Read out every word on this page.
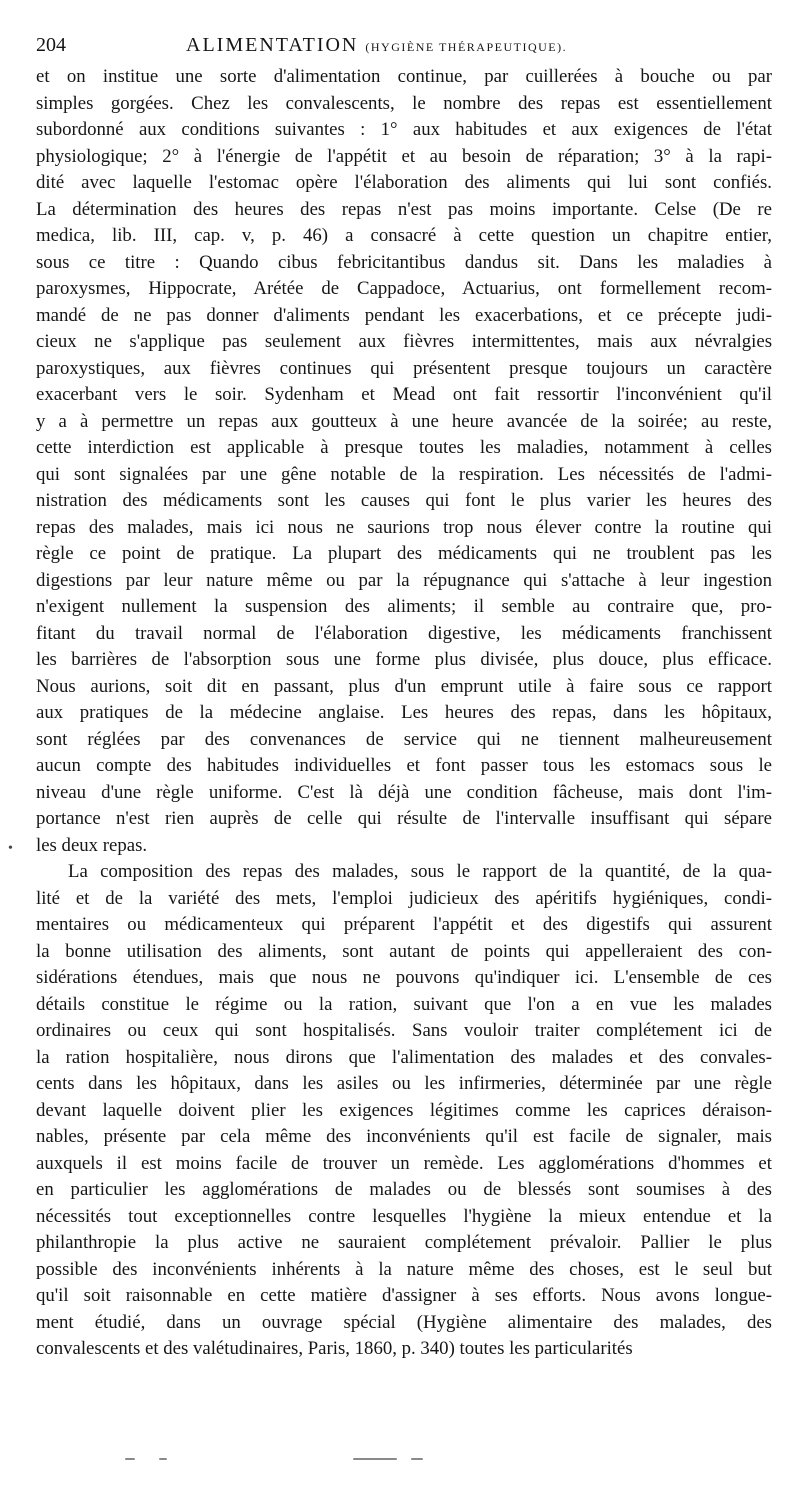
204	ALIMENTATION (HYGIÈNE THÉRAPEUTIQUE).
•
et on institue une sorte d'alimentation continue, par cuillerées à bouche ou par
simples gorgées. Chez les convalescents, le nombre des repas est essentiellement
subordonné aux conditions suivantes : 1° aux habitudes et aux exigences de l'état
physiologique; 2° à l'énergie de l'appétit et au besoin de réparation; 3° à la rapi-
dité avec laquelle l'estomac opère l'élaboration des aliments qui lui sont confiés.
La détermination des heures des repas n'est pas moins importante. Celse (De re
medica, lib. III, cap. v, p. 46) a consacré à cette question un chapitre entier,
sous ce titre : Quando cibus febricitantibus dandus sit. Dans les maladies à
paroxysmes, Hippocrate, Arétée de Cappadoce, Actuarius, ont formellement recom-
mandé de ne pas donner d'aliments pendant les exacerbations, et ce précepte judi-
cieux ne s'applique pas seulement aux fièvres intermittentes, mais aux névralgies
paroxystiques, aux fièvres continues qui présentent presque toujours un caractère
exacerbant vers le soir. Sydenham et Mead ont fait ressortir l'inconvénient qu'il
y a à permettre un repas aux goutteux à une heure avancée de la soirée; au reste,
cette interdiction est applicable à presque toutes les maladies, notamment à celles
qui sont signalées par une gêne notable de la respiration. Les nécessités de l'admi-
nistration des médicaments sont les causes qui font le plus varier les heures des
repas des malades, mais ici nous ne saurions trop nous élever contre la routine qui
règle ce point de pratique. La plupart des médicaments qui ne troublent pas les
digestions par leur nature même ou par la répugnance qui s'attache à leur ingestion
n'exigent nullement la suspension des aliments; il semble au contraire que, pro-
fitant du travail normal de l'élaboration digestive, les médicaments franchissent
les barrières de l'absorption sous une forme plus divisée, plus douce, plus efficace.
Nous aurions, soit dit en passant, plus d'un emprunt utile à faire sous ce rapport
aux pratiques de la médecine anglaise. Les heures des repas, dans les hôpitaux,
sont réglées par des convenances de service qui ne tiennent malheureusement
aucun compte des habitudes individuelles et font passer tous les estomacs sous le
niveau d'une règle uniforme. C'est là déjà une condition fâcheuse, mais dont l'im-
portance n'est rien auprès de celle qui résulte de l'intervalle insuffisant qui sépare
les deux repas.
La composition des repas des malades, sous le rapport de la quantité, de la qua-
lité et de la variété des mets, l'emploi judicieux des apéritifs hygiéniques, condi-
mentaires ou médicamenteux qui préparent l'appétit et des digestifs qui assurent
la bonne utilisation des aliments, sont autant de points qui appelleraient des con-
sidérations étendues, mais que nous ne pouvons qu'indiquer ici. L'ensemble de ces
détails constitue le régime ou la ration, suivant que l'on a en vue les malades
ordinaires ou ceux qui sont hospitalisés. Sans vouloir traiter complétement ici de
la ration hospitalière, nous dirons que l'alimentation des malades et des convales-
cents dans les hôpitaux, dans les asiles ou les infirmeries, déterminée par une règle
devant laquelle doivent plier les exigences légitimes comme les caprices déraison-
nables, présente par cela même des inconvénients qu'il est facile de signaler, mais
auxquels il est moins facile de trouver un remède. Les agglomérations d'hommes et
en particulier les agglomérations de malades ou de blessés sont soumises à des
nécessités tout exceptionnelles contre lesquelles l'hygiène la mieux entendue et la
philanthropie la plus active ne sauraient complétement prévaloir. Pallier le plus
possible des inconvénients inhérents à la nature même des choses, est le seul but
qu'il soit raisonnable en cette matière d'assigner à ses efforts. Nous avons longue-
ment étudié, dans un ouvrage spécial (Hygiène alimentaire des malades, des
convalescents et des valétudinaires, Paris, 1860, p. 340) toutes les particularités
